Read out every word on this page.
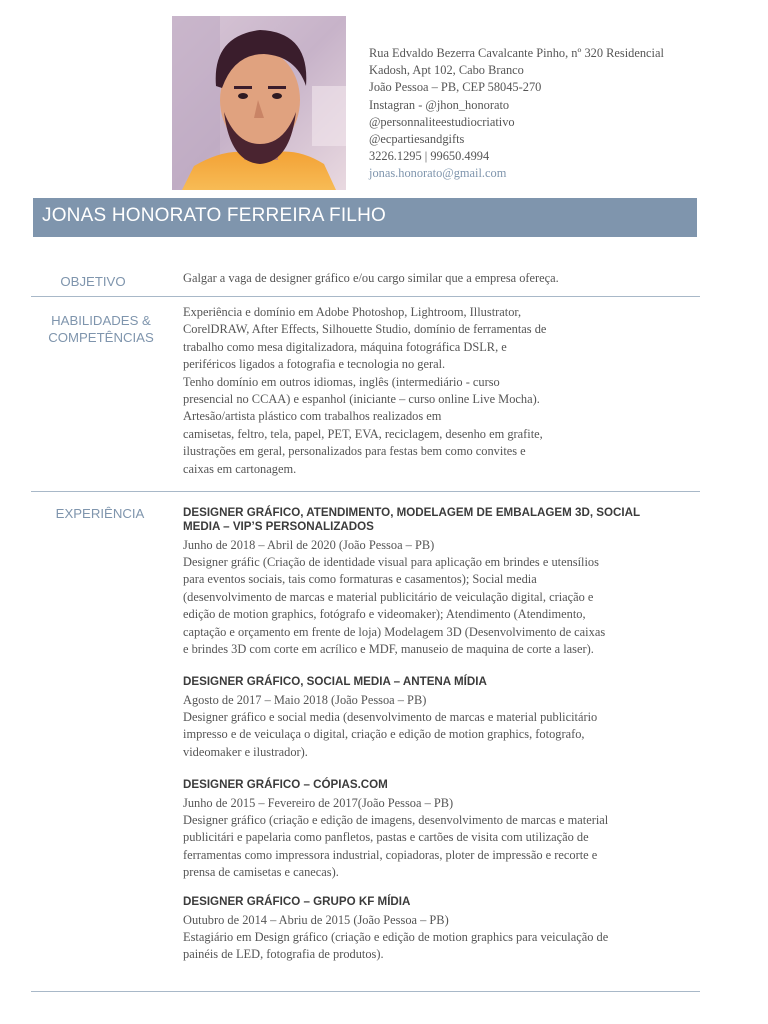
Rua Edvaldo Bezerra Cavalcante Pinho, nº 320 Residencial
Kadosh, Apt 102, Cabo Branco
João Pessoa – PB, CEP 58045-270
Instagran - @jhon_honorato
@personnaliteestudiocriativo
@ecpartiesandgifts
3226.1295 | 99650.4994
jonas.honorato@gmail.com
JONAS HONORATO FERREIRA FILHO
OBJETIVO	Galgar a vaga de designer gráfico e/ou cargo similar que a empresa ofereça.
HABILIDADES &
COMPETÊNCIAS
Experiência e domínio em Adobe Photoshop, Lightroom, Illustrator,
CorelDRAW, After Effects, Silhouette Studio, domínio de ferramentas de
trabalho como mesa digitalizadora, máquina fotográfica DSLR, e
periféricos ligados a fotografia e tecnologia no geral.
Tenho domínio em outros idiomas, inglês (intermediário - curso
presencial no CCAA) e espanhol (iniciante – curso online Live Mocha).
Artesão/artista plástico com trabalhos realizados em
camisetas, feltro, tela, papel, PET, EVA, reciclagem, desenho em grafite,
ilustrações em geral, personalizados para festas bem como convites e
caixas em cartonagem.
EXPERIÊNCIA	DESIGNER GRÁFICO, ATENDIMENTO, MODELAGEM DE EMBALAGEM 3D, SOCIAL
MEDIA – VIP’S PERSONALIZADOS
Junho de 2018 – Abril de 2020 (João Pessoa – PB)
Designer gráfic (Criação de identidade visual para aplicação em brindes e utensílios
para eventos sociais, tais como formaturas e casamentos); Social media
(desenvolvimento de marcas e material publicitário de veiculação digital, criação e
edição de motion graphics, fotógrafo e videomaker); Atendimento (Atendimento,
captação e orçamento em frente de loja) Modelagem 3D (Desenvolvimento de caixas
e brindes 3D com corte em acrílico e MDF, manuseio de maquina de corte a laser).
DESIGNER GRÁFICO, SOCIAL MEDIA – ANTENA MÍDIA
Agosto de 2017 – Maio 2018 (João Pessoa – PB)
Designer gráfico e social media (desenvolvimento de marcas e material publicitário
impresso e de veiculaça o digital, criação e edição de motion graphics, fotografo,
videomaker e ilustrador).
DESIGNER GRÁFICO – CÓPIAS.COM
Junho de 2015 – Fevereiro de 2017(João Pessoa – PB)
Designer gráfico (criação e edição de imagens, desenvolvimento de marcas e material
publicitári e papelaria como panfletos, pastas e cartões de visita com utilização de
ferramentas como impressora industrial, copiadoras, ploter de impressão e recorte e
prensa de camisetas e canecas).
DESIGNER GRÁFICO – GRUPO KF MÍDIA
Outubro de 2014 – Abriu de 2015 (João Pessoa – PB)
Estagiário em Design gráfico (criação e edição de motion graphics para veiculação de
painéis de LED, fotografia de produtos).
